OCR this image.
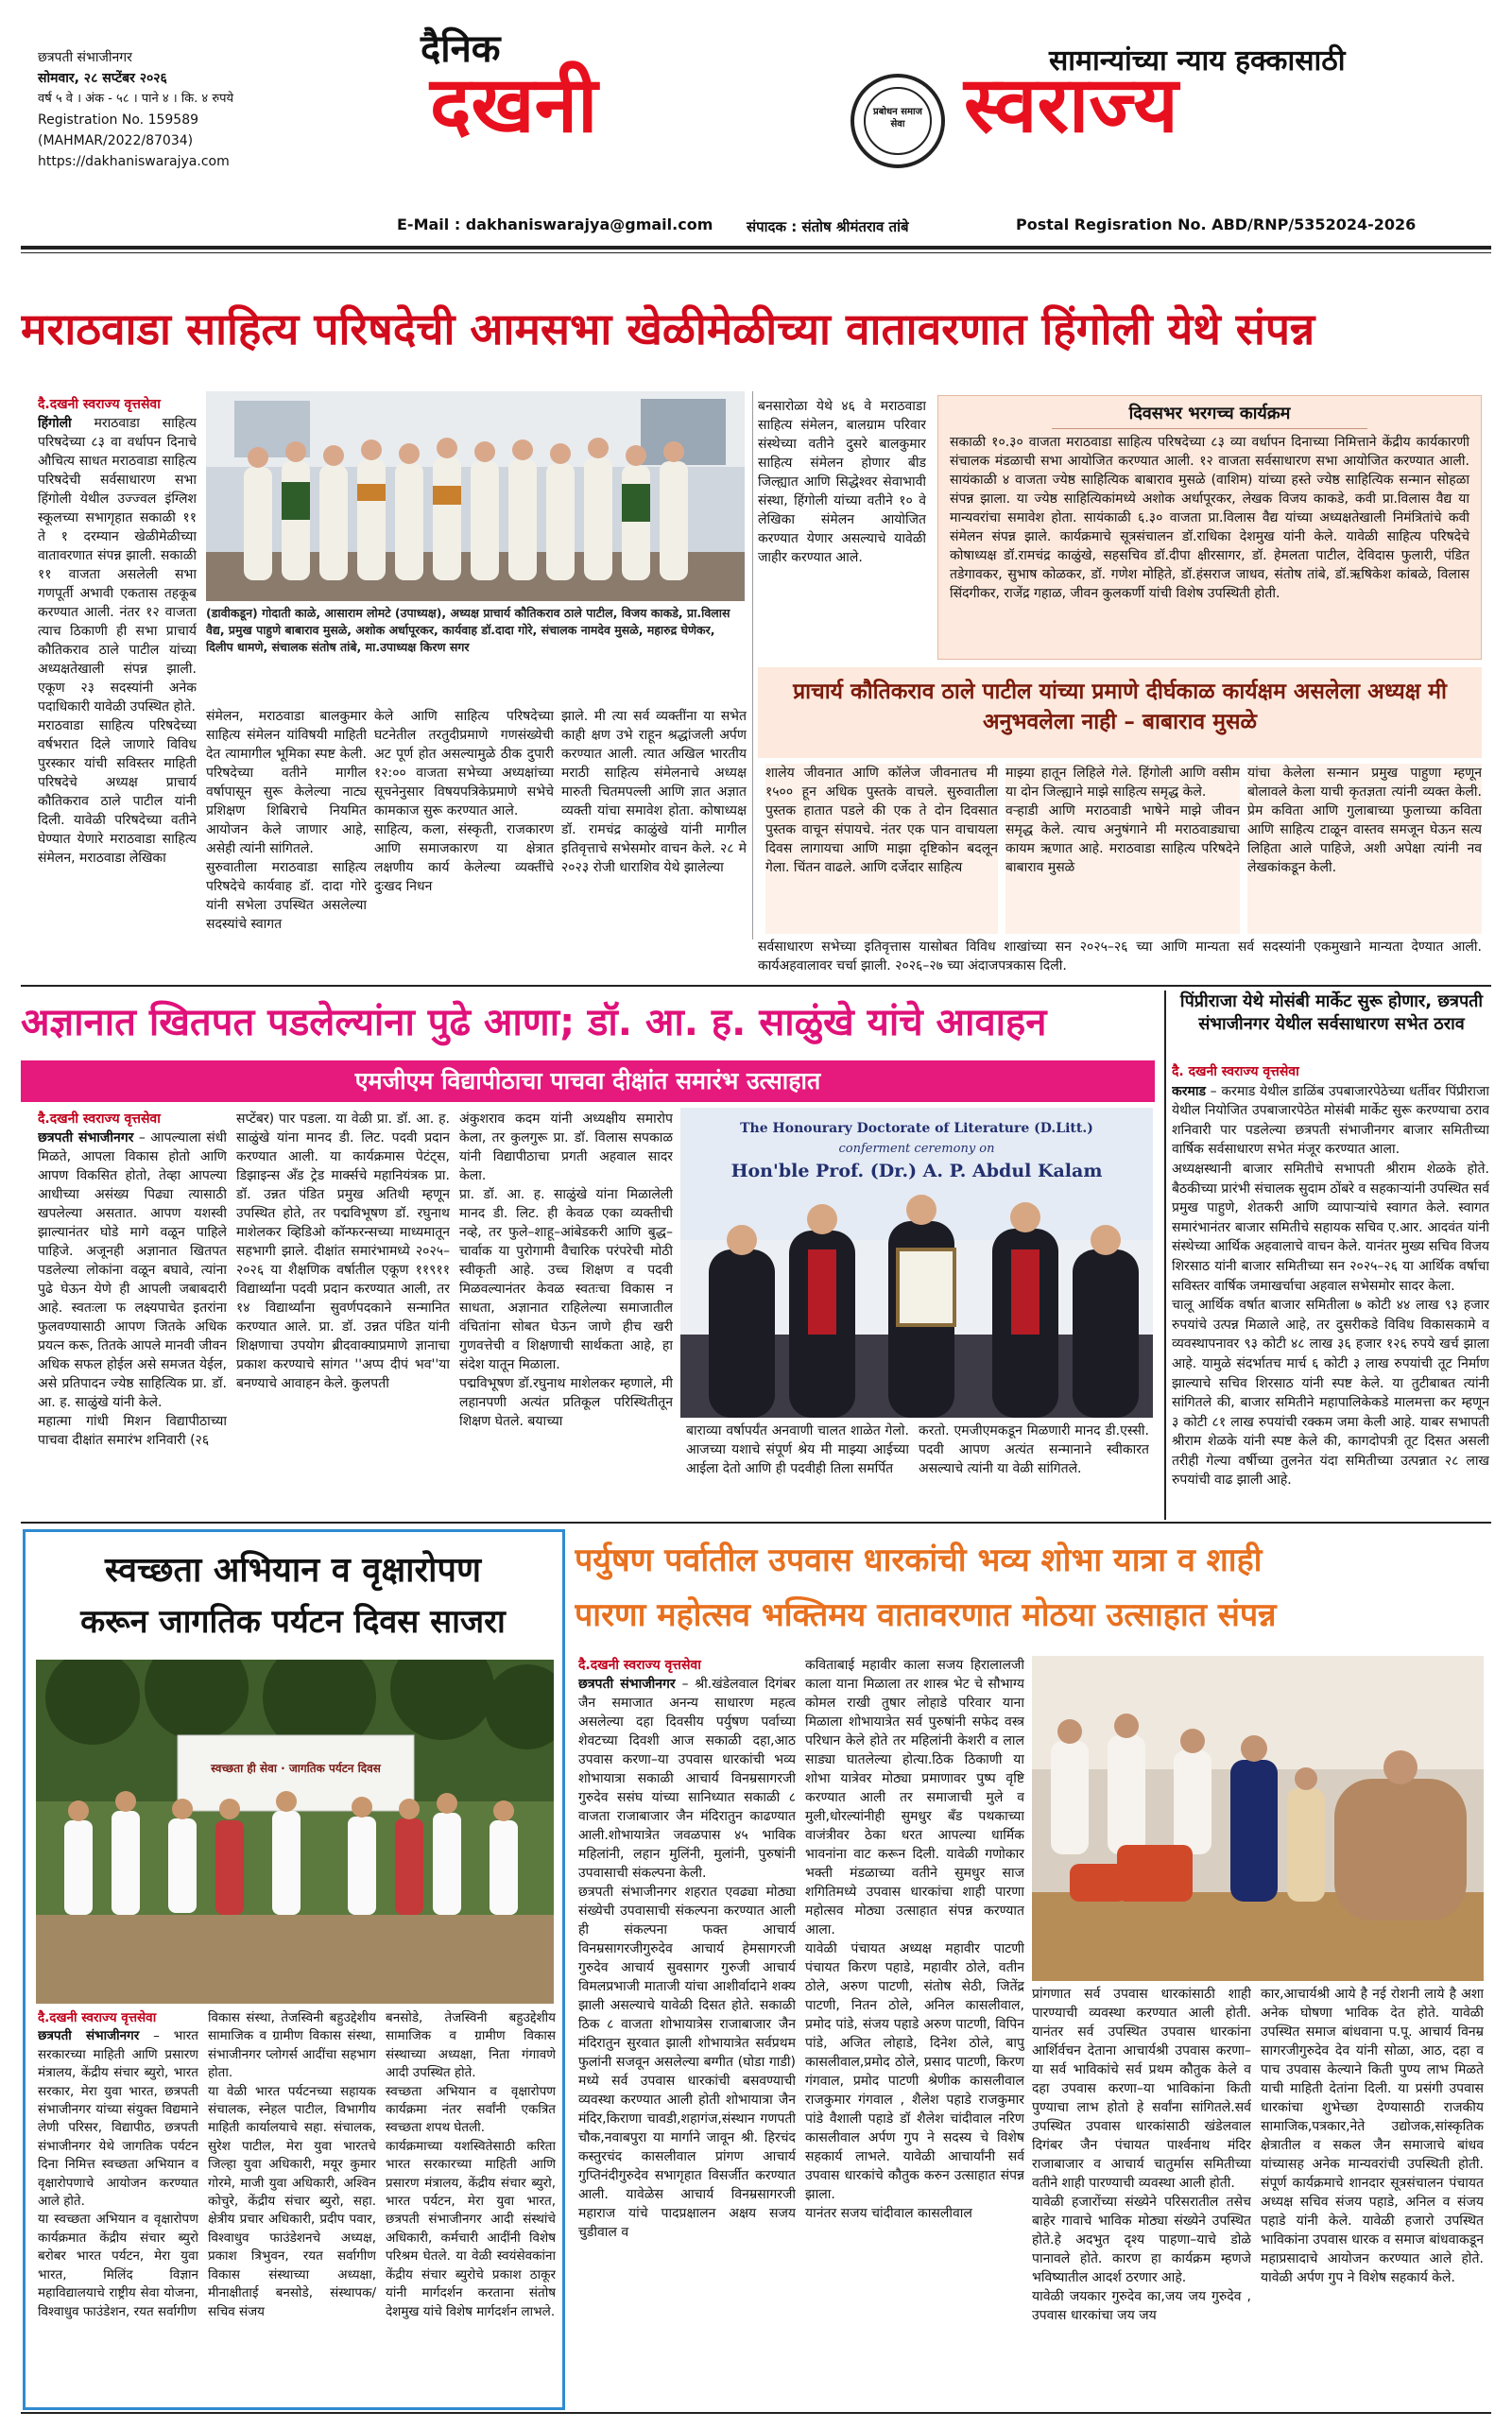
छत्रपती संभाजीनगर
सोमवार, २८ सप्टेंबर २०२६
वर्ष ५ वे । अंक - ५८ । पाने ४ । कि. ४ रुपये
Registration No. 159589
(MAHMAR/2022/87034)
https://dakhaniswarajya.com
दैनिक
दखनी	प्रबोधन समाज सेवा स्वराज्य
सामान्यांच्या न्याय हक्कासाठी
E-Mail : dakhaniswarajya@gmail.com संपादक : संतोष श्रीमंतराव तांबे	Postal Regisration No. ABD/RNP/5352024-2026
मराठवाडा साहित्य परिषदेची आमसभा खेळीमेळीच्या वातावरणात हिंगोली येथे संपन्न
दै.दखनी स्वराज्य वृत्तसेवा
हिंगोली मराठवाडा साहित्य परिषदेच्या ८३ वा वर्धापन दिनाचे औचित्य साधत मराठवाडा साहित्य परिषदेची सर्वसाधारण सभा हिंगोली येथील उज्ज्वल इंग्लिश स्कूलच्या सभागृहात सकाळी ११ ते १ दरम्यान खेळीमेळीच्या वातावरणात संपन्न झाली. सकाळी ११ वाजता असलेली सभा गणपूर्ती अभावी एकतास तहकूब करण्यात आली. नंतर १२ वाजता त्याच ठिकाणी ही सभा प्राचार्य कौतिकराव ठाले पाटील यांच्या अध्यक्षतेखाली संपन्न झाली. एकूण २३ सदस्यांनी अनेक पदाधिकारी यावेळी उपस्थित होते.
मराठवाडा साहित्य परिषदेच्या वर्षभरात दिले जाणारे विविध पुरस्कार यांची सविस्तर माहिती परिषदेचे अध्यक्ष प्राचार्य कौतिकराव ठाले पाटील यांनी दिली. यावेळी परिषदेच्या वतीने घेण्यात येणारे मराठवाडा साहित्य संमेलन, मराठवाडा लेखिका
(डावीकडून) गोदाती काळे, आसाराम लोमटे (उपाध्यक्ष), अध्यक्ष प्राचार्य कौतिकराव ठाले पाटील, विजय काकडे, प्रा.विलास वैद्य, प्रमुख पाहुणे बाबाराव मुसळे, अशोक अर्धापूरकर, कार्यवाह डॉ.दादा गोरे, संचालक नामदेव मुसळे, महारुद्र घेणेकर, दिलीप धामणे, संचालक संतोष तांबे, मा.उपाध्यक्ष किरण सगर
संमेलन, मराठवाडा बालकुमार साहित्य संमेलन यांविषयी माहिती देत त्यामागील भूमिका स्पष्ट केली. परिषदेच्या वतीने मागील वर्षापासून सुरू केलेल्या नाट्य प्रशिक्षण शिबिराचे नियमित आयोजन केले जाणार आहे, असेही त्यांनी सांगितले.
सुरुवातीला मराठवाडा साहित्य परिषदेचे कार्यवाह डॉ. दादा गोरे यांनी सभेला उपस्थित असलेल्या सदस्यांचे स्वागत
केले आणि साहित्य परिषदेच्या घटनेतील तरतुदीप्रमाणे गणसंख्येची अट पूर्ण होत असल्यामुळे ठीक दुपारी १२:०० वाजता सभेच्या अध्यक्षांच्या सूचनेनुसार विषयपत्रिकेप्रमाणे सभेचे कामकाज सुरू करण्यात आले.
साहित्य, कला, संस्कृती, राजकारण आणि समाजकारण या क्षेत्रात लक्षणीय कार्य केलेल्या व्यक्तींचे दुःखद निधन
झाले. मी त्या सर्व व्यक्तींना या सभेत काही क्षण उभे राहून श्रद्धांजली अर्पण करण्यात आली. त्यात अखिल भारतीय मराठी साहित्य संमेलनाचे अध्यक्ष मारुती चितमपल्ली आणि ज्ञात अज्ञात व्यक्ती यांचा समावेश होता. कोषाध्यक्ष डॉ. रामचंद्र काळुंखे यांनी मागील इतिवृत्ताचे सभेसमोर वाचन केले. २८ मे २०२३ रोजी धाराशिव येथे झालेल्या
बनसारोळा येथे ४६ वे मराठवाडा साहित्य संमेलन, बालग्राम परिवार संस्थेच्या वतीने दुसरे बालकुमार साहित्य संमेलन होणार बीड जिल्ह्यात आणि सिद्धेश्वर सेवाभावी संस्था, हिंगोली यांच्या वतीने १० वे लेखिका संमेलन आयोजित करण्यात येणार असल्याचे यावेळी जाहीर करण्यात आले.
दिवसभर भरगच्च कार्यक्रम
सकाळी १०.३० वाजता मराठवाडा साहित्य परिषदेच्या ८३ व्या वर्धापन दिनाच्या निमित्ताने केंद्रीय कार्यकारणी संचालक मंडळाची सभा आयोजित करण्यात आली. १२ वाजता सर्वसाधारण सभा आयोजित करण्यात आली. सायंकाळी ४ वाजता ज्येष्ठ साहित्यिक बाबाराव मुसळे (वाशिम) यांच्या हस्ते ज्येष्ठ साहित्यिक सन्मान सोहळा संपन्न झाला. या ज्येष्ठ साहित्यिकांमध्ये अशोक अर्धापूरकर, लेखक विजय काकडे, कवी प्रा.विलास वैद्य या मान्यवरांचा समावेश होता. सायंकाळी ६.३० वाजता प्रा.विलास वैद्य यांच्या अध्यक्षतेखाली निमंत्रितांचे कवी संमेलन संपन्न झाले. कार्यक्रमाचे सूत्रसंचालन डॉ.राधिका देशमुख यांनी केले. यावेळी साहित्य परिषदेचे कोषाध्यक्ष डॉ.रामचंद्र काळुंखे, सहसचिव डॉ.दीपा क्षीरसागर, डॉ. हेमलता पाटील, देविदास फुलारी, पंडित तडेगावकर, सुभाष कोळकर, डॉ. गणेश मोहिते, डॉ.हंसराज जाधव, संतोष तांबे, डॉ.ऋषिकेश कांबळे, विलास सिंदगीकर, राजेंद्र गहाळ, जीवन कुलकर्णी यांची विशेष उपस्थिती होती.
प्राचार्य कौतिकराव ठाले पाटील यांच्या प्रमाणे दीर्घकाळ कार्यक्षम असलेला अध्यक्ष मी अनुभवलेला नाही – बाबाराव मुसळे
शालेय जीवनात आणि कॉलेज जीवनातच मी १५०० हून अधिक पुस्तके वाचले. सुरुवातीला पुस्तक हातात पडले की एक ते दोन दिवसात पुस्तक वाचून संपायचे. नंतर एक पान वाचायला दिवस लागायचा आणि माझा दृष्टिकोन बदलून गेला. चिंतन वाढले. आणि दर्जेदार साहित्य
माझ्या हातून लिहिले गेले. हिंगोली आणि वसीम या दोन जिल्ह्याने माझे साहित्य समृद्ध केले.
वऱ्हाडी आणि मराठवाडी भाषेने माझे जीवन समृद्ध केले. त्याच अनुषंगाने मी मराठवाड्याचा कायम ऋणात आहे. मराठवाडा साहित्य परिषदेने बाबाराव मुसळे
यांचा केलेला सन्मान प्रमुख पाहुणा म्हणून बोलावले केला याची कृतज्ञता त्यांनी व्यक्त केली. प्रेम कविता आणि गुलाबाच्या फुलाच्या कविता आणि साहित्य टाळून वास्तव समजून घेऊन सत्य लिहिता आले पाहिजे, अशी अपेक्षा त्यांनी नव लेखकांकडून केली.
सर्वसाधारण सभेच्या इतिवृत्तास यासोबत विविध शाखांच्या सन २०२५–२६ च्या आणि मान्यता सर्व सदस्यांनी एकमुखाने मान्यता देण्यात आली. कार्यअहवालावर चर्चा झाली. २०२६–२७ च्या अंदाजपत्रकास दिली.
अज्ञानात खितपत पडलेल्यांना पुढे आणा; डॉ. आ. ह. साळुंखे यांचे आवाहन
एमजीएम विद्यापीठाचा पाचवा दीक्षांत समारंभ उत्साहात
दै.दखनी स्वराज्य वृत्तसेवा
छत्रपती संभाजीनगर – आपल्याला संधी मिळते, आपला विकास होतो आणि आपण विकसित होतो, तेव्हा आपल्या आधीच्या असंख्य पिढ्या त्यासाठी खपलेल्या असतात. आपण यशस्वी झाल्यानंतर घोडे मागे वळून पाहिले पाहिजे. अजूनही अज्ञानात खितपत पडलेल्या लोकांना वळून बघावे, त्यांना पुढे घेऊन येणे ही आपली जबाबदारी आहे. स्वतःला फ लक्ष्यपाचेत इतरांना फुलवण्यासाठी आपण जितके अधिक प्रयत्न करू, तितके आपले मानवी जीवन अधिक सफल होईल असे समजत येईल, असे प्रतिपादन ज्येष्ठ साहित्यिक प्रा. डॉ. आ. ह. साळुंखे यांनी केले.
महात्मा गांधी मिशन विद्यापीठाच्या पाचवा दीक्षांत समारंभ शनिवारी (२६
सप्टेंबर) पार पडला. या वेळी प्रा. डॉ. आ. ह. साळुंखे यांना मानद डी. लिट. पदवी प्रदान करण्यात आली. या कार्यक्रमास पेटंट्स, डिझाइन्स अँड ट्रेड मार्क्सचे महानियंत्रक प्रा. डॉ. उन्नत पंडित प्रमुख अतिथी म्हणून उपस्थित होते, तर पद्मविभूषण डॉ. रघुनाथ माशेलकर व्हिडिओ कॉन्फरन्सच्या माध्यमातून सहभागी झाले. दीक्षांत समारंभामध्ये २०२५–२०२६ या शैक्षणिक वर्षातील एकूण ११९११ विद्यार्थ्यांना पदवी प्रदान करण्यात आली, तर १४ विद्यार्थ्यांना सुवर्णपदकाने सन्मानित करण्यात आले. प्रा. डॉ. उन्नत पंडित यांनी शिक्षणाचा उपयोग ब्रीदवाक्याप्रमाणे ज्ञानाचा प्रकाश करण्याचे सांगत ''अप्प दीपं भव''या बनण्याचे आवाहन केले. कुलपती
अंकुशराव कदम यांनी अध्यक्षीय समारोप केला, तर कुलगुरू प्रा. डॉ. विलास सपकाळ यांनी विद्यापीठाचा प्रगती अहवाल सादर केला.
प्रा. डॉ. आ. ह. साळुंखे यांना मिळालेली मानद डी. लिट. ही केवळ एका व्यक्तीची नव्हे, तर फुले–शाहू–आंबेडकरी आणि बुद्ध–चार्वाक या पुरोगामी वैचारिक परंपरेची मोठी स्वीकृती आहे. उच्च शिक्षण व पदवी मिळवल्यानंतर केवळ स्वतःचा विकास न साधता, अज्ञानात राहिलेल्या समाजातील वंचितांना सोबत घेऊन जाणे हीच खरी गुणवत्तेची व शिक्षणाची सार्थकता आहे, हा संदेश यातून मिळाला.
पद्मविभूषण डॉ.रघुनाथ माशेलकर म्हणाले, मी लहानपणी अत्यंत प्रतिकूल परिस्थितीतून शिक्षण घेतले. बयाच्या
The Honourary Doctorate of Literature (D.Litt.)
conferment ceremony on
Hon'ble Prof. (Dr.) A. P. Abdul Kalam
बाराव्या वर्षापर्यंत अनवाणी चालत शाळेत गेलो. आजच्या यशाचे संपूर्ण श्रेय मी माझ्या आईच्या आईला देतो आणि ही पदवीही तिला समर्पित
करतो. एमजीएमकडून मिळणारी मानद डी.एस्सी. पदवी आपण अत्यंत सन्मानाने स्वीकारत असल्याचे त्यांनी या वेळी सांगितले.
पिंप्रीराजा येथे मोसंबी मार्केट सुरू होणार, छत्रपती संभाजीनगर येथील सर्वसाधारण सभेत ठराव
दै. दखनी स्वराज्य वृत्तसेवा
करमाड – करमाड येथील डाळिंब उपबाजारपेठेच्या धर्तीवर पिंप्रीराजा येथील नियोजित उपबाजारपेठेत मोसंबी मार्केट सुरू करण्याचा ठराव शनिवारी पार पडलेल्या छत्रपती संभाजीनगर बाजार समितीच्या वार्षिक सर्वसाधारण सभेत मंजूर करण्यात आला.
अध्यक्षस्थानी बाजार समितीचे सभापती श्रीराम शेळके होते. बैठकीच्या प्रारंभी संचालक सुदाम ठोंबरे व सहकाऱ्यांनी उपस्थित सर्व प्रमुख पाहुणे, शेतकरी आणि व्यापाऱ्यांचे स्वागत केले. स्वागत समारंभानंतर बाजार समितीचे सहायक सचिव ए.आर. आदवंत यांनी संस्थेच्या आर्थिक अहवालाचे वाचन केले. यानंतर मुख्य सचिव विजय शिरसाठ यांनी बाजार समितीच्या सन २०२५–२६ या आर्थिक वर्षाचा सविस्तर वार्षिक जमाखर्चाचा अहवाल सभेसमोर सादर केला.
चालू आर्थिक वर्षात बाजार समितीला ७ कोटी ४४ लाख ९३ हजार रुपयांचे उत्पन्न मिळाले आहे, तर दुसरीकडे विविध विकासकामे व व्यवस्थापनावर ९३ कोटी ४८ लाख ३६ हजार १२६ रुपये खर्च झाला आहे. यामुळे संदर्भातच मार्च ६ कोटी ३ लाख रुपयांची तूट निर्माण झाल्याचे सचिव शिरसाठ यांनी स्पष्ट केले. या तुटीबाबत त्यांनी सांगितले की, बाजार समितीने महापालिकेकडे मालमत्ता कर म्हणून ३ कोटी ८१ लाख रुपयांची रक्कम जमा केली आहे. याबर सभापती श्रीराम शेळके यांनी स्पष्ट केले की, कागदोपत्री तूट दिसत असली तरीही गेल्या वर्षीच्या तुलनेत यंदा समितीच्या उत्पन्नात २८ लाख रुपयांची वाढ झाली आहे.
स्वच्छता अभियान व वृक्षारोपण
करून जागतिक पर्यटन दिवस साजरा
स्वच्छता ही सेवा · जागतिक पर्यटन दिवस
दै.दखनी स्वराज्य वृत्तसेवा
छत्रपती संभाजीनगर – भारत सरकारच्या माहिती आणि प्रसारण मंत्रालय, केंद्रीय संचार ब्युरो, भारत सरकार, मेरा युवा भारत, छत्रपती संभाजीनगर यांच्या संयुक्त विद्यमाने लेणी परिसर, विद्यापीठ, छत्रपती संभाजीनगर येथे जागतिक पर्यटन दिना निमित्त स्वच्छता अभियान व वृक्षारोपणाचे आयोजन करण्यात आले होते.
या स्वच्छता अभियान व वृक्षारोपण कार्यक्रमात केंद्रीय संचार ब्युरो बरोबर भारत पर्यटन, मेरा युवा भारत, मिलिंद विज्ञान महाविद्यालयाचे राष्ट्रीय सेवा योजना, विश्वाधुव फाउंडेशन, रयत सर्वागीण
विकास संस्था, तेजस्विनी बहुउद्देशीय सामाजिक व ग्रामीण विकास संस्था, संभाजीनगर प्लोगर्स आदींचा सहभाग होता.
या वेळी भारत पर्यटनच्या सहायक संचालक, स्नेहल पाटील, विभागीय माहिती कार्यालयाचे सहा. संचालक, सुरेश पाटील, मेरा युवा भारतचे जिल्हा युवा अधिकारी, मयूर कुमार गोरमे, माजी युवा अधिकारी, अश्विन कोचुरे, केंद्रीय संचार ब्युरो, सहा. क्षेत्रीय प्रचार अधिकारी, प्रदीप पवार, विश्वाधुव फाउंडेशनचे अध्यक्ष, प्रकाश त्रिभुवन, रयत सर्वागीण विकास संस्थाच्या अध्यक्षा, मीनाक्षीताई बनसोडे, संस्थापक/सचिव संजय
बनसोडे, तेजस्विनी बहुउद्देशीय सामाजिक व ग्रामीण विकास संस्थाच्या अध्यक्षा, निता गंगावणे आदी उपस्थित होते.
स्वच्छता अभियान व वृक्षारोपण कार्यक्रमा नंतर सर्वांनी एकत्रित स्वच्छता शपथ घेतली.
कार्यक्रमाच्या यशस्वितेसाठी करिता भारत सरकारच्या माहिती आणि प्रसारण मंत्रालय, केंद्रीय संचार ब्युरो, भारत पर्यटन, मेरा युवा भारत, छत्रपती संभाजीनगर आदी संस्थांचे अधिकारी, कर्मचारी आदींनी विशेष परिश्रम घेतले. या वेळी स्वयंसेवकांना केंद्रीय संचार ब्युरोचे प्रकाश ठाकूर यांनी मार्गदर्शन करताना संतोष देशमुख यांचे विशेष मार्गदर्शन लाभले.
पर्युषण पर्वातील उपवास धारकांची भव्य शोभा यात्रा व शाही
पारणा महोत्सव भक्तिमय वातावरणात मोठया उत्साहात संपन्न
दै.दखनी स्वराज्य वृत्तसेवा
छत्रपती संभाजीनगर – श्री.खंडेलवाल दिगंबर जैन समाजात अनन्य साधारण महत्व असलेल्या दहा दिवसीय पर्युषण पर्वाच्या शेवटच्या दिवशी आज सकाळी दहा,आठ उपवास करणा–या उपवास धारकांची भव्य शोभायात्रा सकाळी आचार्य विनम्रसागरजी गुरुदेव ससंघ यांच्या सानिध्यात सकाळी ८ वाजता राजाबाजार जैन मंदिरातुन काढण्यात आली.शोभायात्रेत जवळपास ४५ भाविक महिलांनी, लहान मुलिंनी, मुलांनी, पुरुषांनी उपवासाची संकल्पना केली.
छत्रपती संभाजीनगर शहरात एवढ्या मोठ्या संख्येची उपवासाची संकल्पना करण्यात आली ही संकल्पना फक्त आचार्य विनम्रसागरजीगुरुदेव आचार्य हेमसागरजी गुरुदेव आचार्य सुवसागर गुरुजी आचार्य विमलप्रभाजी माताजी यांचा आशीर्वादाने शक्य झाली असल्याचे यावेळी दिसत होते. सकाळी ठिक ८ वाजता शोभायात्रेस राजाबाजार जैन मंदिरातुन सुरवात झाली शोभायात्रेत सर्वप्रथम फुलांनी सजवून असलेल्या बग्गीत (घोडा गाडी) मध्ये सर्व उपवास धारकांची बसवण्याची व्यवस्था करण्यात आली होती शोभायात्रा जैन मंदिर,किराणा चावडी,शहागंज,संस्थान गणपती चौक,नवाबपुरा या मार्गाने जावून श्री. हिरचंद कस्तुरचंद कासलीवाल प्रांगण आचार्य गुप्तिनंदीगुरुदेव सभागृहात विसर्जीत करण्यात आली. यावेळेस आचार्य विनम्रसागरजी महाराज यांचे पादप्रक्षालन अक्षय सजय चुडीवाल व
कविताबाई महावीर काला सजय हिरालालजी काला याना मिळाला तर शास्त्र भेट चे सौभाग्य कोमल राखी तुषार लोहाडे परिवार याना मिळाला शोभायात्रेत सर्व पुरुषांनी सफेद वस्त्र परिधान केले होते तर महिलांनी केशरी व लाल साड्या घातलेल्या होत्या.ठिक ठिकाणी या शोभा यात्रेवर मोठ्या प्रमाणावर पुष्प वृष्टि करण्यात आली तर समाजाची मुले व मुली,धोरल्यांनीही सुमधुर बँड पथकाच्या वाजंत्रीवर ठेका धरत आपल्या धार्मिक भावनांना वाट करून दिली. यावेळी गणोकार भक्ती मंडळाच्या वतीने सुमधुर साज शगितिमध्ये उपवास धारकांचा शाही पारणा महोत्सव मोठ्या उत्साहात संपन्न करण्यात आला.
यावेळी पंचायत अध्यक्ष महावीर पाटणी पंचायत किरण पहाडे, महावीर ठोले, वतीन ठोले, अरुण पाटणी, संतोष सेठी, जितेंद्र पाटणी, नितन ठोले, अनिल कासलीवाल, प्रमोद पांडे, संजय पहाडे अरुण पाटणी, विपिन पांडे, अजित लोहाडे, दिनेश ठोले, बापु कासलीवाल,प्रमोद ठोले, प्रसाद पाटणी, किरण गंगवाल, प्रमोद पाटणी श्रेणीक कासलीवाल राजकुमार गंगवाल , शैलेश पहाडे राजकुमार पांडे वैशाली पहाडे डॉ शैलेश चांदीवाल नरिण कासलीवाल अर्पण गुप ने सदस्य चे विशेष सहकार्य लाभले. यावेळी आचार्यांनी सर्व उपवास धारकांचे कौतुक करुन उत्साहात संपन्न झाला.
यानंतर सजय चांदीवाल कासलीवाल
प्रांगणात सर्व उपवास धारकांसाठी शाही पारण्याची व्यवस्था करण्यात आली होती. यानंतर सर्व उपस्थित उपवास धारकांना आर्शिर्वचन देताना आचार्यश्री उपवास करणा–या सर्व भाविकांचे सर्व प्रथम कौतुक केले व दहा उपवास करणा–या भाविकांना किती पुण्याचा लाभ होतो हे सर्वांना सांगितले.सर्व उपस्थित उपवास धारकांसाठी खंडेलवाल दिगंबर जैन पंचायत पार्श्वनाथ मंदिर राजाबाजार व आचार्य चातुर्मास समितीच्या वतीने शाही पारण्याची व्यवस्था आली होती.
यावेळी हजारोंच्या संख्येने परिसरातील तसेच बाहेर गावाचे भाविक मोठ्या संख्येने उपस्थित होते.हे अदभुत दृश्य पाहणा–याचे डोळे पानावले होते. कारण हा कार्यक्रम म्हणजे भविष्यातील आदर्श ठरणार आहे.
यावेळी जयकार गुरुदेव का,जय जय गुरुदेव , उपवास धारकांचा जय जय
कार,आचार्यश्री आये है नई रोशनी लाये है अशा अनेक घोषणा भाविक देत होते. यावेळी उपस्थित समाज बांधवाना प.पू. आचार्य विनम्र सागरजीगुरुदेव देव यांनी सोळा, आठ, दहा व पाच उपवास केल्याने किती पुण्य लाभ मिळते याची माहिती देतांना दिली. या प्रसंगी उपवास धारकांचा शुभेच्छा देण्यासाठी राजकीय सामाजिक,पत्रकार,नेते उद्योजक,सांस्कृतिक क्षेत्रातील व सकल जैन समाजाचे बांधव यांच्यासह अनेक मान्यवरांची उपस्थिती होती. संपूर्ण कार्यक्रमाचे शानदार सूत्रसंचालन पंचायत अध्यक्ष सचिव संजय पहाडे, अनिल व संजय पहाडे यांनी केले. यावेळी हजारो उपस्थित भाविकांना उपवास धारक व समाज बांधवाकडून महाप्रसादाचे आयोजन करण्यात आले होते. यावेळी अर्पण गुप ने विशेष सहकार्य केले.
